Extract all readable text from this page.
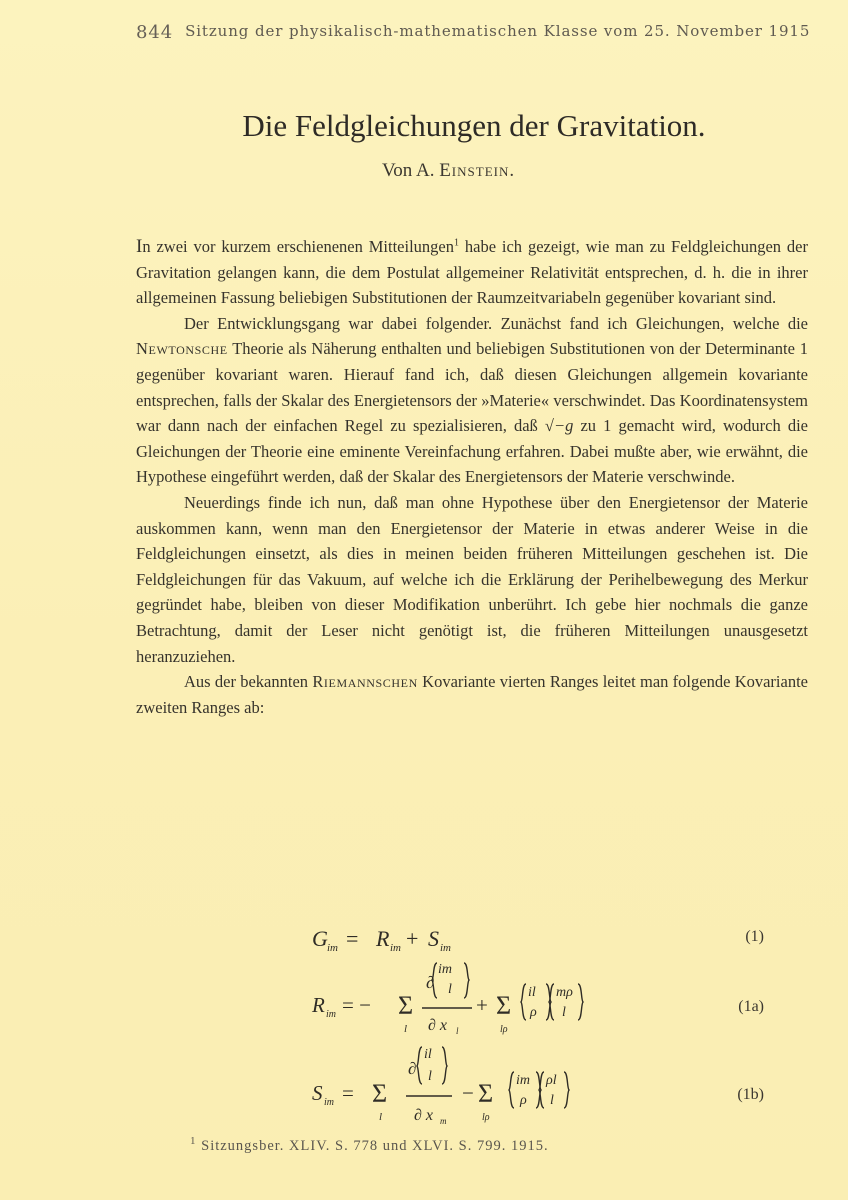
844 Sitzung der physikalisch-mathematischen Klasse vom 25. November 1915
Die Feldgleichungen der Gravitation.
Von A. Einstein.

In zwei vor kurzem erschienenen Mitteilungen$^1$ habe ich gezeigt, wie man zu Feldgleichungen der Gravitation gelangen kann, die dem Postulat allgemeiner Relativität entsprechen, d. h. die in ihrer allgemeinen Fassung beliebigen Substitutionen der Raumzeitvariabeln gegenüber kovariant sind.

Der Entwicklungsgang war dabei folgender. Zunächst fand ich Gleichungen, welche die Newtonsche Theorie als Näherung enthalten und beliebigen Substitutionen von der Determinante 1 gegenüber kovariant waren. Hierauf fand ich, daß diesen Gleichungen allgemein kovariante entsprechen, falls der Skalar des Energietensors der »Materie« verschwindet. Das Koordinatensystem war dann nach der einfachen Regel zu spezialisieren, daß √−g zu 1 gemacht wird, wodurch die Gleichungen der Theorie eine eminente Vereinfachung erfahren. Dabei mußte aber, wie erwähnt, die Hypothese eingeführt werden, daß der Skalar des Energietensors der Materie verschwinde.

Neuerdings finde ich nun, daß man ohne Hypothese über den Energietensor der Materie auskommen kann, wenn man den Energietensor der Materie in etwas anderer Weise in die Feldgleichungen einsetzt, als dies in meinen beiden früheren Mitteilungen geschehen ist. Die Feldgleichungen für das Vakuum, auf welche ich die Erklärung der Perihelbewegung des Merkur gegründet habe, bleiben von dieser Modifikation unberührt. Ich gebe hier nochmals die ganze Betrachtung, damit der Leser nicht genötigt ist, die früheren Mitteilungen unausgesetzt heranzuziehen.

Aus der bekannten Riemannschen Kovariante vierten Ranges leitet man folgende Kovariante zweiten Ranges ab:

G im = R im + S im
(1)
R im = − Σ
l
∂
im
l
∂ x l
+ Σ
lρ
il
ρ
mρ
l	(1a)
S im = Σ
l
∂
il
l
∂ x m
− Σ
lρ
im
ρ
ρl
l	(1b)
$^1$ Sitzungsber. XLIV. S. 778 und XLVI. S. 799. 1915.
